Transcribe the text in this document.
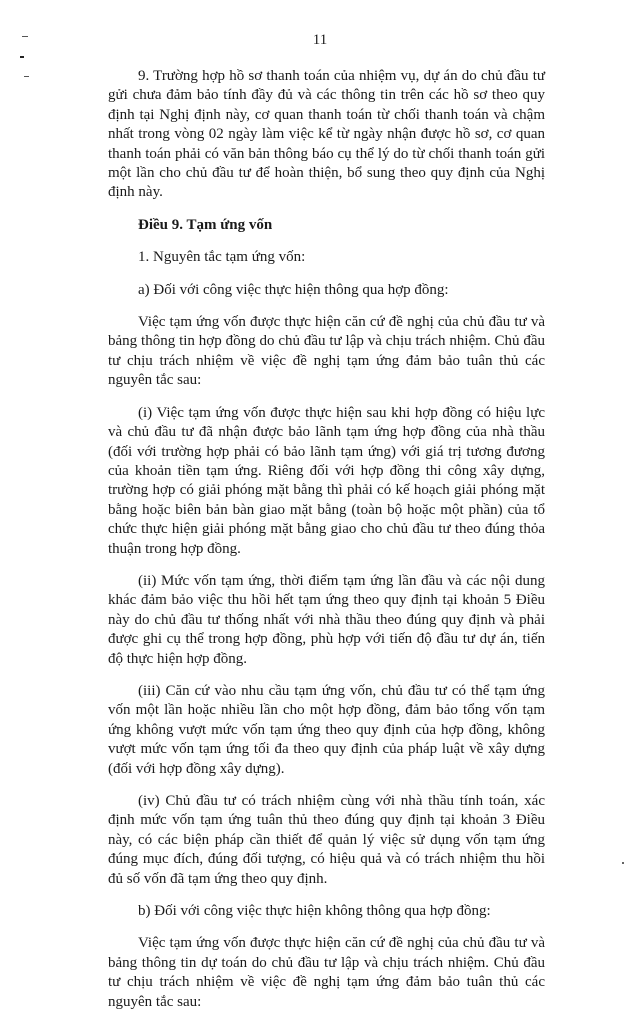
11

9. Trường hợp hồ sơ thanh toán của nhiệm vụ, dự án do chủ đầu tư gửi chưa đảm bảo tính đầy đủ và các thông tin trên các hồ sơ theo quy định tại Nghị định này, cơ quan thanh toán từ chối thanh toán và chậm nhất trong vòng 02 ngày làm việc kể từ ngày nhận được hồ sơ, cơ quan thanh toán phải có văn bản thông báo cụ thể lý do từ chối thanh toán gửi một lần cho chủ đầu tư để hoàn thiện, bổ sung theo quy định của Nghị định này.

Điều 9. Tạm ứng vốn

1. Nguyên tắc tạm ứng vốn:

a) Đối với công việc thực hiện thông qua hợp đồng:

Việc tạm ứng vốn được thực hiện căn cứ đề nghị của chủ đầu tư và bảng thông tin hợp đồng do chủ đầu tư lập và chịu trách nhiệm. Chủ đầu tư chịu trách nhiệm về việc đề nghị tạm ứng đảm bảo tuân thủ các nguyên tắc sau:

(i) Việc tạm ứng vốn được thực hiện sau khi hợp đồng có hiệu lực và chủ đầu tư đã nhận được bảo lãnh tạm ứng hợp đồng của nhà thầu (đối với trường hợp phải có bảo lãnh tạm ứng) với giá trị tương đương của khoản tiền tạm ứng. Riêng đối với hợp đồng thi công xây dựng, trường hợp có giải phóng mặt bằng thì phải có kế hoạch giải phóng mặt bằng hoặc biên bản bàn giao mặt bằng (toàn bộ hoặc một phần) của tổ chức thực hiện giải phóng mặt bằng giao cho chủ đầu tư theo đúng thỏa thuận trong hợp đồng.

(ii) Mức vốn tạm ứng, thời điểm tạm ứng lần đầu và các nội dung khác đảm bảo việc thu hồi hết tạm ứng theo quy định tại khoản 5 Điều này do chủ đầu tư thống nhất với nhà thầu theo đúng quy định và phải được ghi cụ thể trong hợp đồng, phù hợp với tiến độ đầu tư dự án, tiến độ thực hiện hợp đồng.

(iii) Căn cứ vào nhu cầu tạm ứng vốn, chủ đầu tư có thể tạm ứng vốn một lần hoặc nhiều lần cho một hợp đồng, đảm bảo tổng vốn tạm ứng không vượt mức vốn tạm ứng theo quy định của hợp đồng, không vượt mức vốn tạm ứng tối đa theo quy định của pháp luật về xây dựng (đối với hợp đồng xây dựng).

(iv) Chủ đầu tư có trách nhiệm cùng với nhà thầu tính toán, xác định mức vốn tạm ứng tuân thủ theo đúng quy định tại khoản 3 Điều này, có các biện pháp cần thiết để quản lý việc sử dụng vốn tạm ứng đúng mục đích, đúng đối tượng, có hiệu quả và có trách nhiệm thu hồi đủ số vốn đã tạm ứng theo quy định.

b) Đối với công việc thực hiện không thông qua hợp đồng:

Việc tạm ứng vốn được thực hiện căn cứ đề nghị của chủ đầu tư và bảng thông tin dự toán do chủ đầu tư lập và chịu trách nhiệm. Chủ đầu tư chịu trách nhiệm về việc đề nghị tạm ứng đảm bảo tuân thủ các nguyên tắc sau:
